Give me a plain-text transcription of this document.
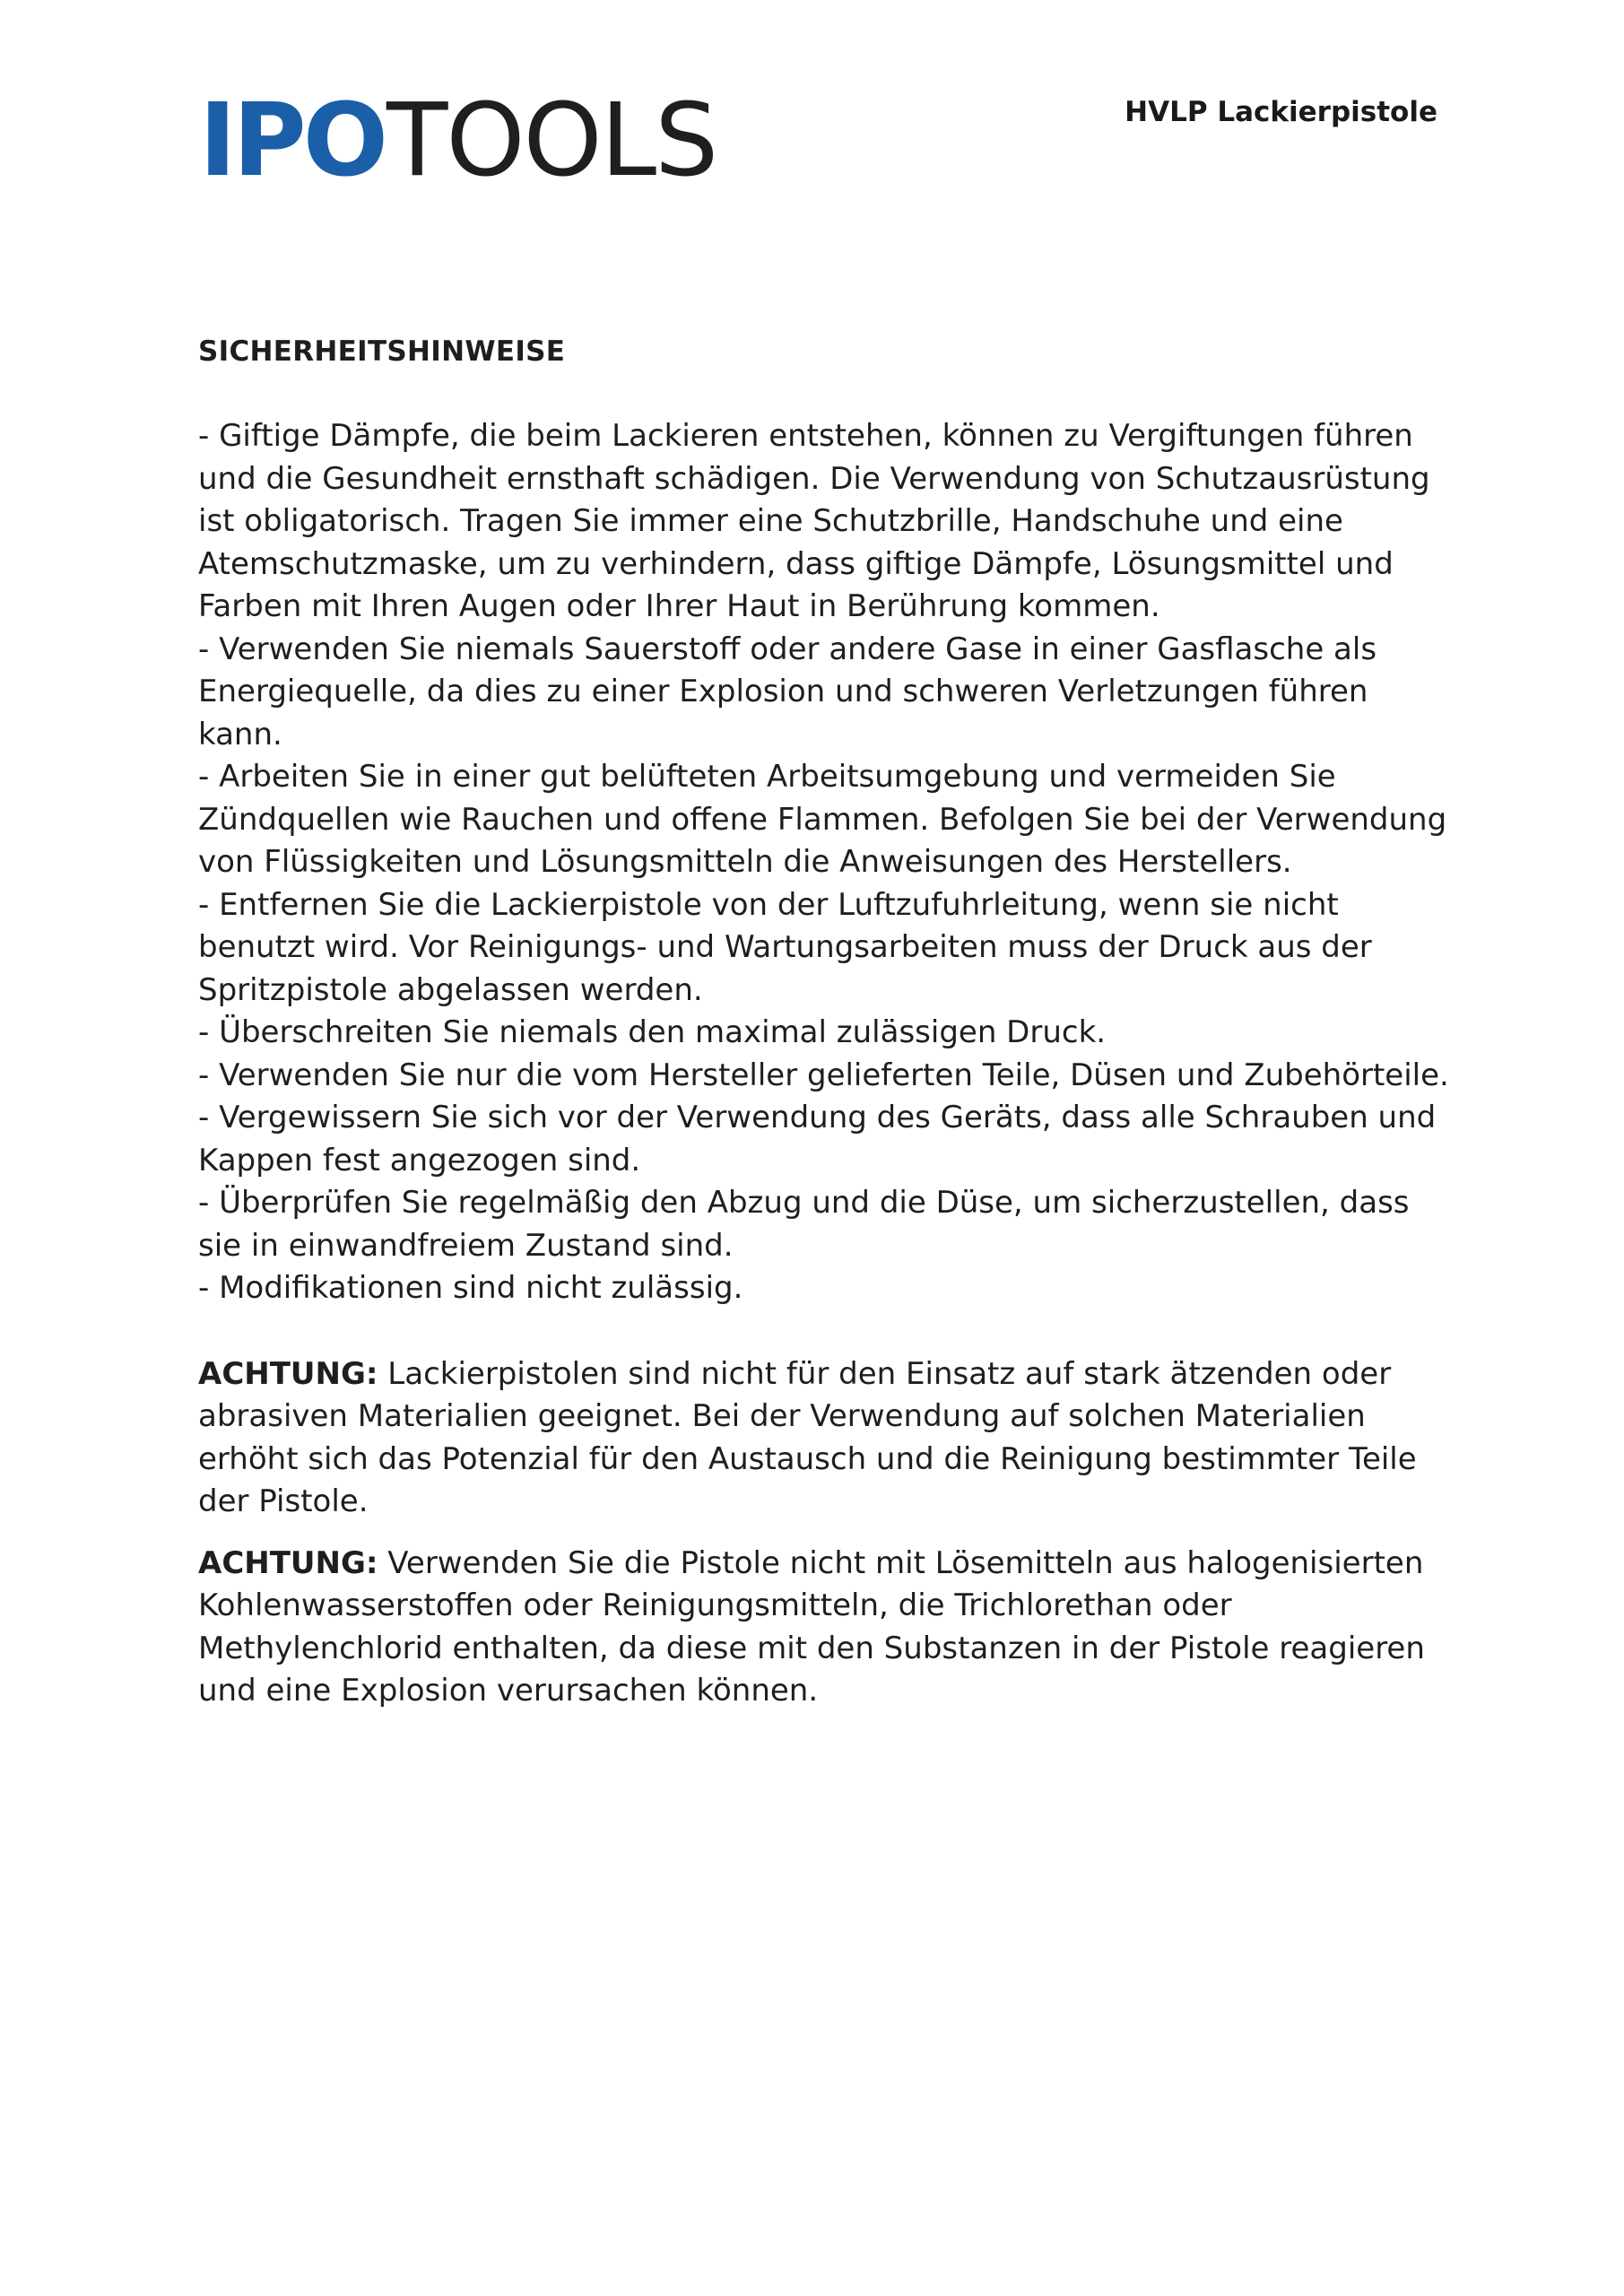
IPO TOOLS	HVLP Lackierpistole
SICHERHEITSHINWEISE
- Giftige Dämpfe, die beim Lackieren entstehen, können zu Vergiftungen führen und die Gesundheit ernsthaft schädigen. Die Verwendung von Schutzausrüstung ist obligatorisch. Tragen Sie immer eine Schutzbrille, Handschuhe und eine Atemschutzmaske, um zu verhindern, dass giftige Dämpfe, Lösungsmittel und Farben mit Ihren Augen oder Ihrer Haut in Berührung kommen.
- Verwenden Sie niemals Sauerstoff oder andere Gase in einer Gasflasche als Energiequelle, da dies zu einer Explosion und schweren Verletzungen führen kann.
- Arbeiten Sie in einer gut belüfteten Arbeitsumgebung und vermeiden Sie Zündquellen wie Rauchen und offene Flammen. Befolgen Sie bei der Verwendung von Flüssigkeiten und Lösungsmitteln die Anweisungen des Herstellers.
- Entfernen Sie die Lackierpistole von der Luftzufuhrleitung, wenn sie nicht benutzt wird. Vor Reinigungs- und Wartungsarbeiten muss der Druck aus der Spritzpistole abgelassen werden.
- Überschreiten Sie niemals den maximal zulässigen Druck.
- Verwenden Sie nur die vom Hersteller gelieferten Teile, Düsen und Zubehörteile.
- Vergewissern Sie sich vor der Verwendung des Geräts, dass alle Schrauben und Kappen fest angezogen sind.
- Überprüfen Sie regelmäßig den Abzug und die Düse, um sicherzustellen, dass sie in einwandfreiem Zustand sind.
- Modifikationen sind nicht zulässig.

ACHTUNG: Lackierpistolen sind nicht für den Einsatz auf stark ätzenden oder abrasiven Materialien geeignet. Bei der Verwendung auf solchen Materialien erhöht sich das Potenzial für den Austausch und die Reinigung bestimmter Teile der Pistole.

ACHTUNG: Verwenden Sie die Pistole nicht mit Lösemitteln aus halogenisierten Kohlenwasserstoffen oder Reinigungsmitteln, die Trichlorethan oder Methylenchlorid enthalten, da diese mit den Substanzen in der Pistole reagieren und eine Explosion verursachen können.
